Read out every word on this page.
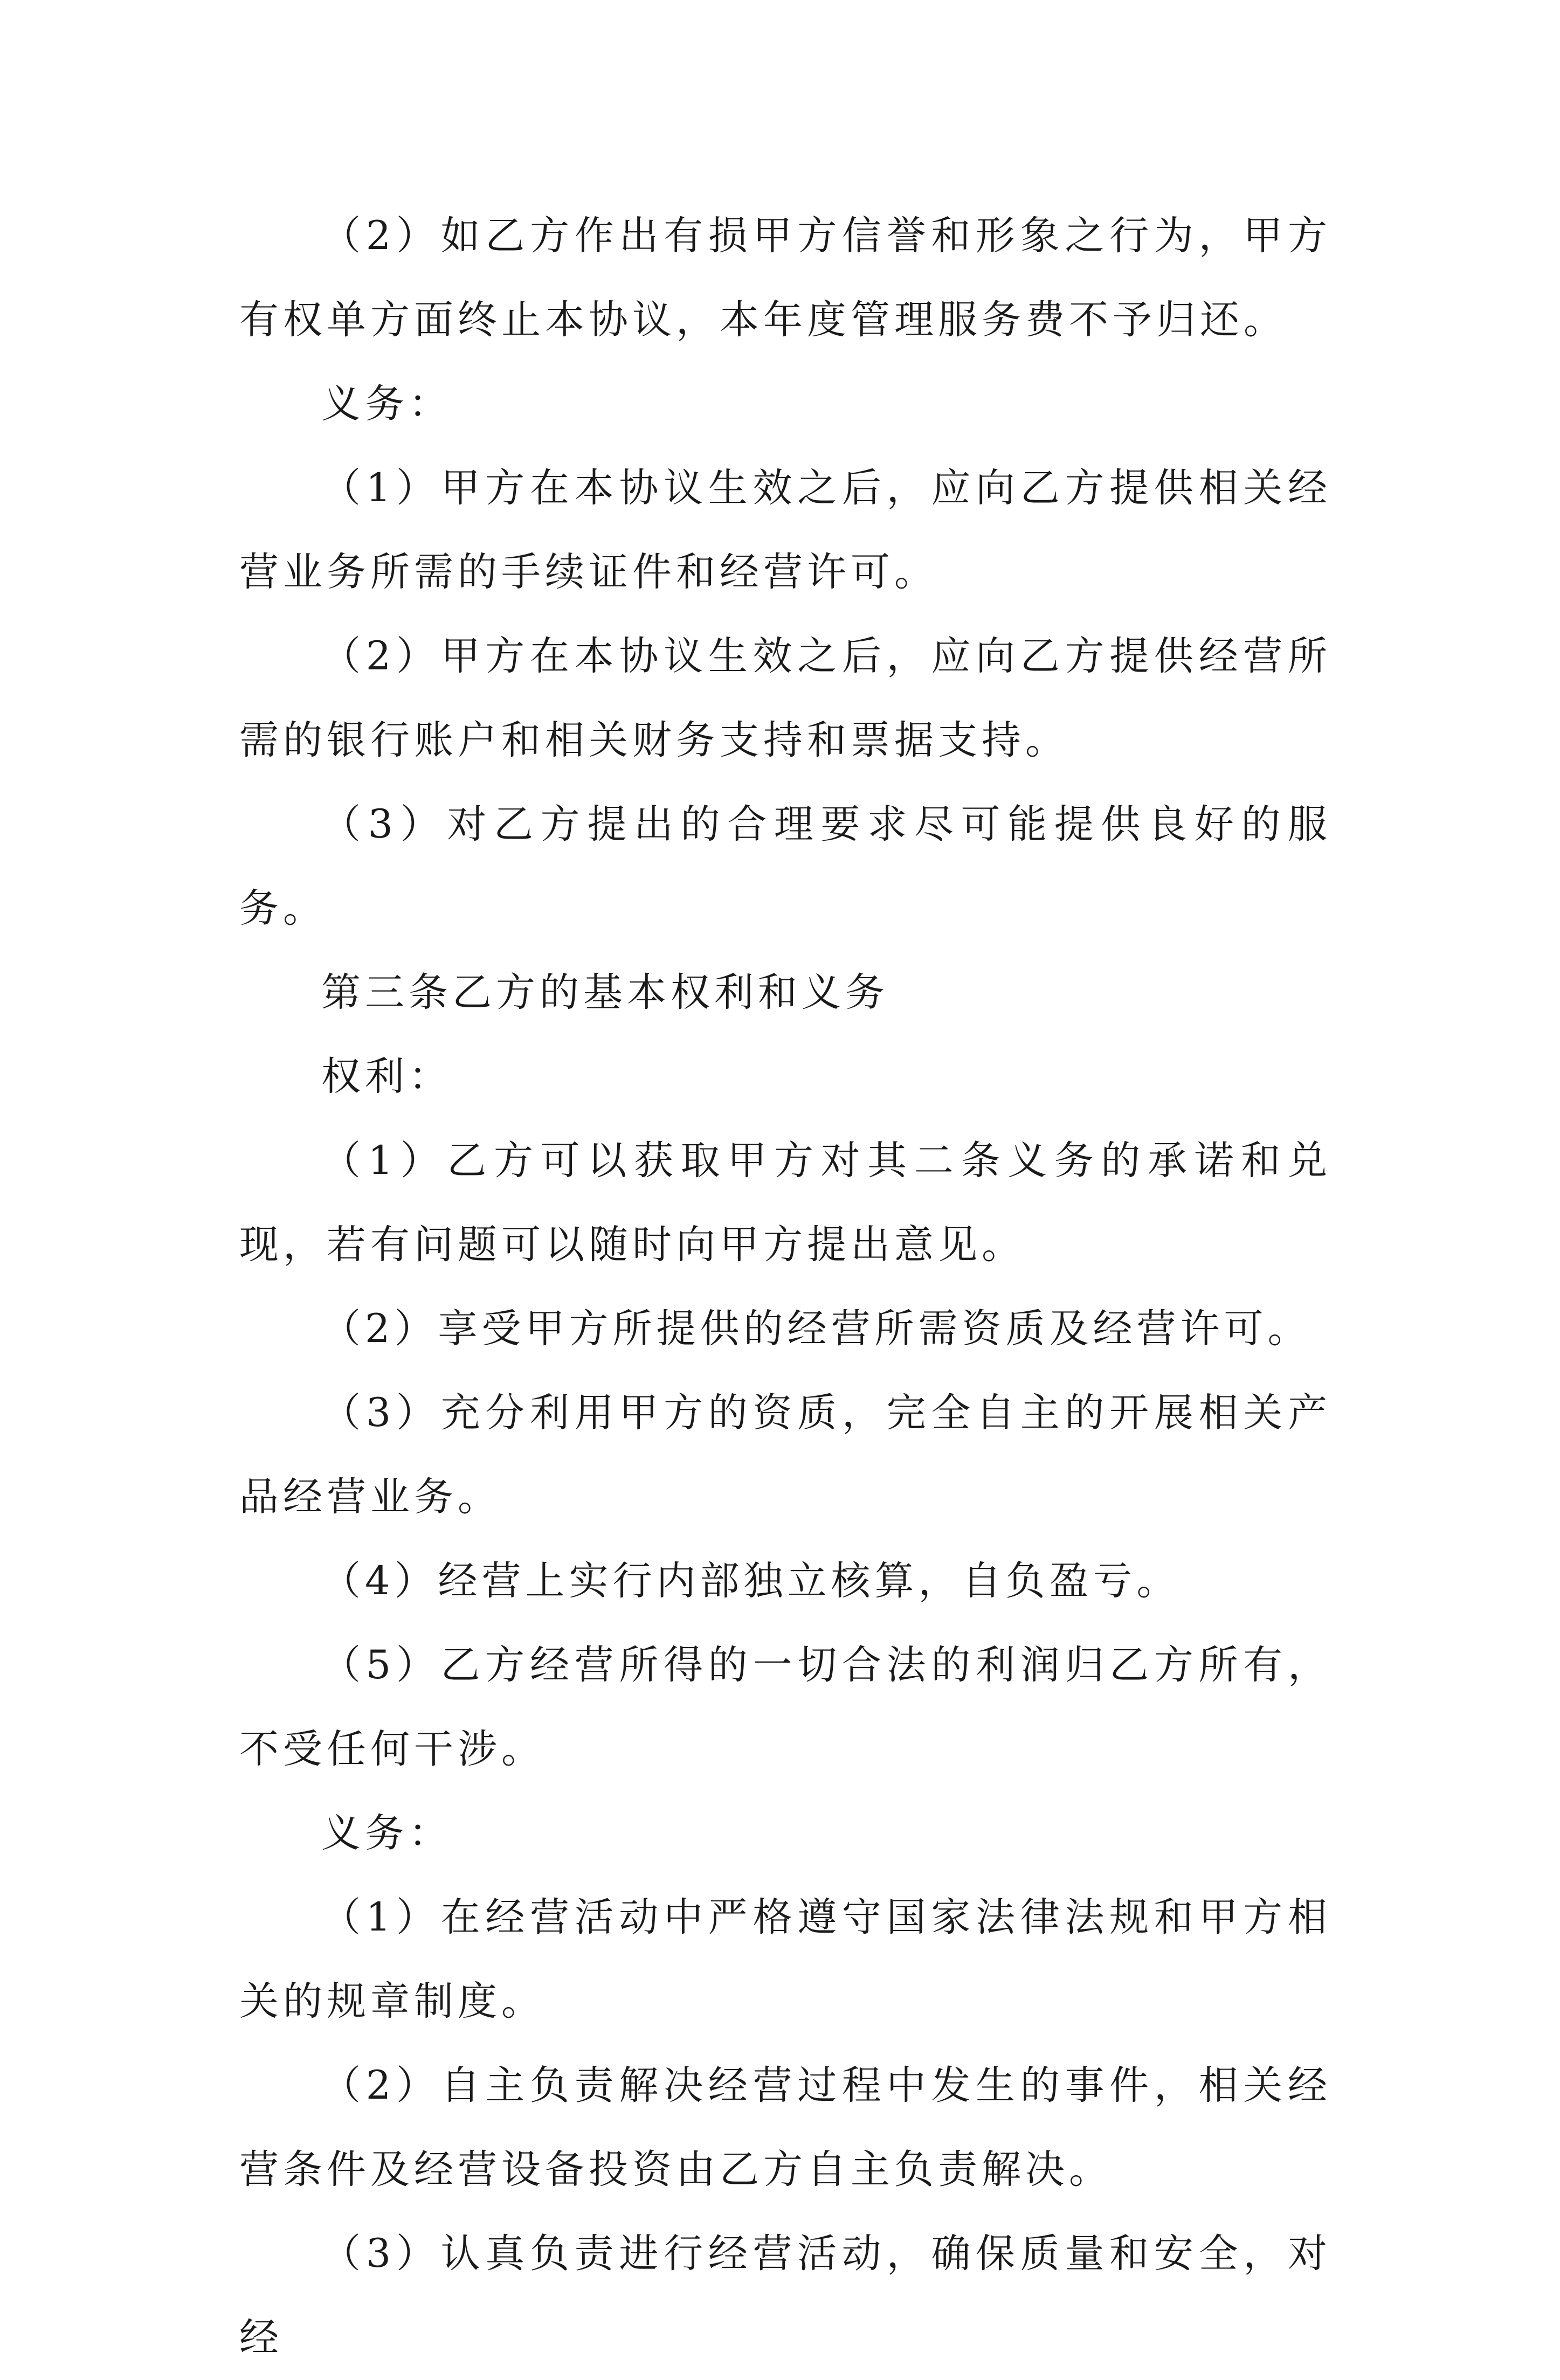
（2）如乙方作出有损甲方信誉和形象之行为，甲方有权单方面终止本协议，本年度管理服务费不予归还。

义务：

（1）甲方在本协议生效之后，应向乙方提供相关经营业务所需的手续证件和经营许可。

（2）甲方在本协议生效之后，应向乙方提供经营所需的银行账户和相关财务支持和票据支持。

（3）对乙方提出的合理要求尽可能提供良好的服务。

第三条乙方的基本权利和义务

权利：

（1）乙方可以获取甲方对其二条义务的承诺和兑现，若有问题可以随时向甲方提出意见。

（2）享受甲方所提供的经营所需资质及经营许可。

（3）充分利用甲方的资质，完全自主的开展相关产品经营业务。

（4）经营上实行内部独立核算，自负盈亏。

（5）乙方经营所得的一切合法的利润归乙方所有，不受任何干涉。

义务：

（1）在经营活动中严格遵守国家法律法规和甲方相关的规章制度。

（2）自主负责解决经营过程中发生的事件，相关经营条件及经营设备投资由乙方自主负责解决。

（3）认真负责进行经营活动，确保质量和安全，对经
